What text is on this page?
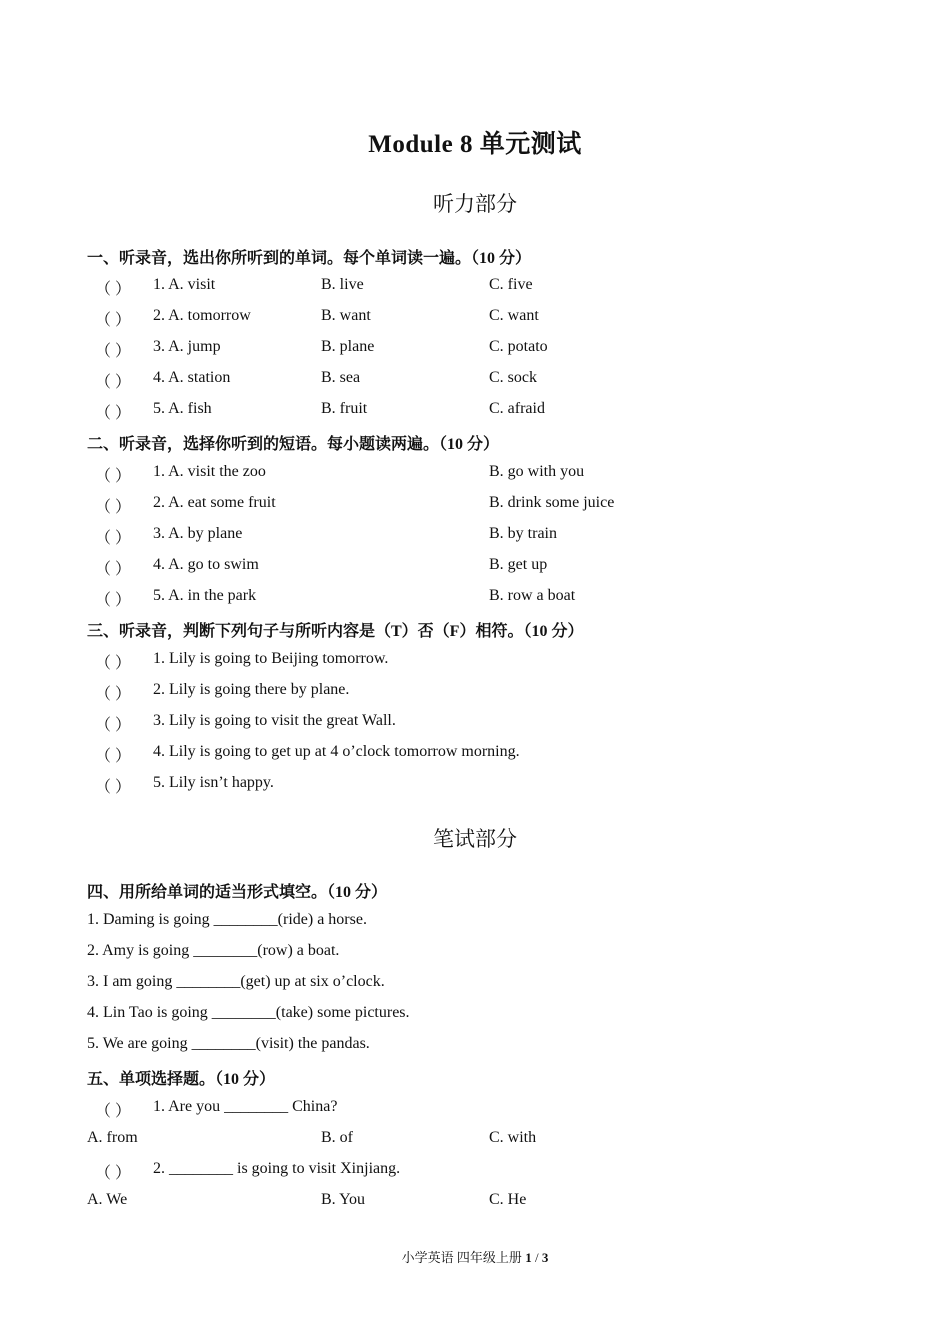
Module 8 单元测试
听力部分
一、听录音，选出你所听到的单词。每个单词读一遍。（10 分）
（ ） 1. A. visit	B. live	C. five
（ ） 2. A. tomorrow	B. want	C. want
（ ） 3. A. jump	B. plane	C. potato
（ ） 4. A. station	B. sea	C. sock
（ ） 5. A. fish	B. fruit	C. afraid
二、听录音，选择你听到的短语。每小题读两遍。（10 分）
（ ） 1. A. visit the zoo	B. go with you
（ ） 2. A. eat some fruit	B. drink some juice
（ ） 3. A. by plane	B. by train
（ ） 4. A. go to swim	B. get up
（ ） 5. A. in the park	B. row a boat
三、听录音，判断下列句子与所听内容是（T）否（F）相符。（10 分）
（ ） 1. Lily is going to Beijing tomorrow.
（ ） 2. Lily is going there by plane.
（ ） 3. Lily is going to visit the great Wall.
（ ） 4. Lily is going to get up at 4 o’clock tomorrow morning.
（ ） 5. Lily isn’t happy.
笔试部分
四、用所给单词的适当形式填空。（10 分）
1. Daming is going ________(ride) a horse.
2. Amy is going ________(row) a boat.
3. I am going ________(get) up at six o’clock.
4. Lin Tao is going ________(take) some pictures.
5. We are going ________(visit) the pandas.
五、单项选择题。（10 分）
（ ） 1. Are you ________ China?
A. from	B. of	C. with
（ ） 2. ________ is going to visit Xinjiang.
A. We	B. You	C. He
小学英语 四年级上册 1 / 3
